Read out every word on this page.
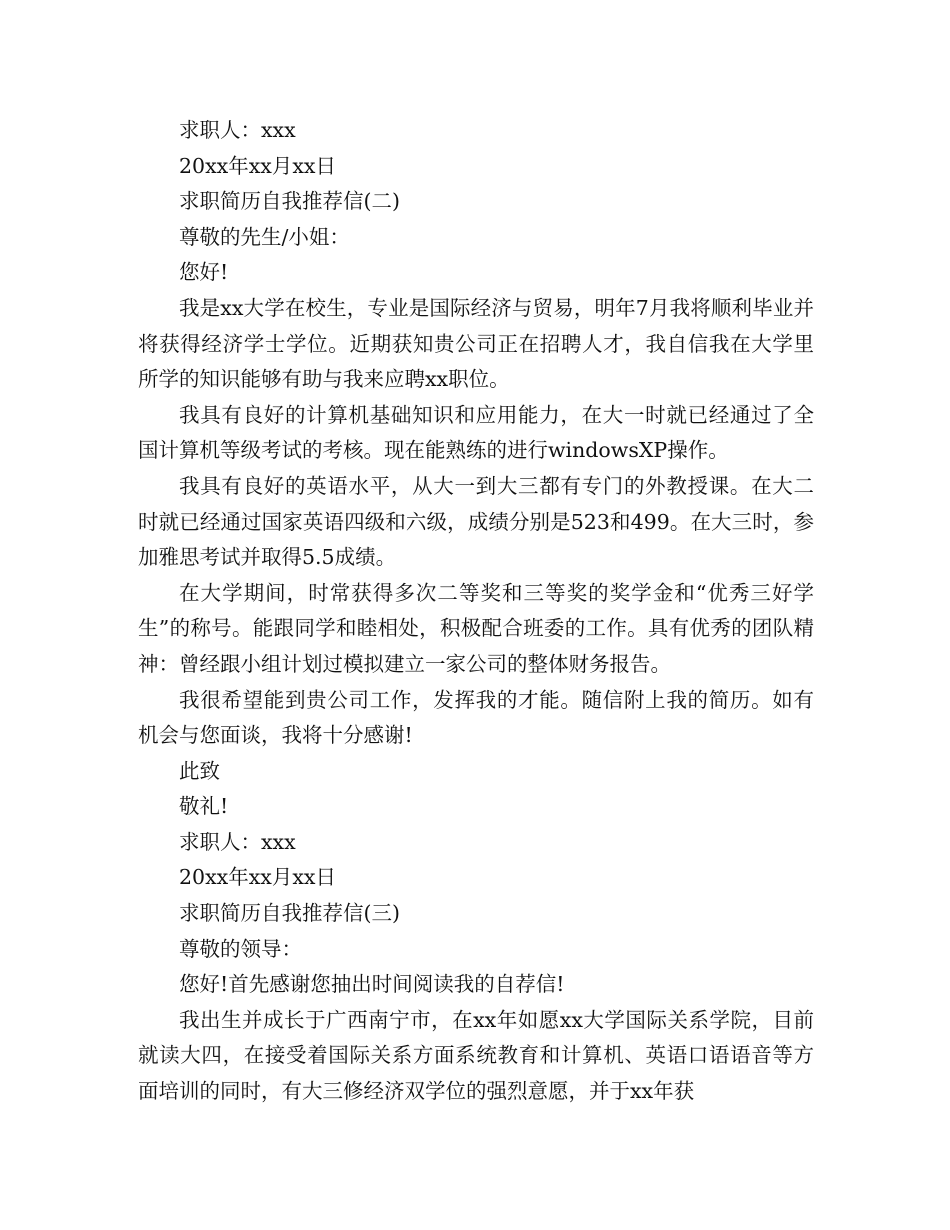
求职人：xxx

20xx年xx月xx日

求职简历自我推荐信(二)

尊敬的先生/小姐：

您好!

我是xx大学在校生，专业是国际经济与贸易，明年7月我将顺利毕业并将获得经济学士学位。近期获知贵公司正在招聘人才，我自信我在大学里所学的知识能够有助与我来应聘xx职位。

我具有良好的计算机基础知识和应用能力，在大一时就已经通过了全国计算机等级考试的考核。现在能熟练的进行windowsXP操作。

我具有良好的英语水平，从大一到大三都有专门的外教授课。在大二时就已经通过国家英语四级和六级，成绩分别是523和499。在大三时，参加雅思考试并取得5.5成绩。

在大学期间，时常获得多次二等奖和三等奖的奖学金和“优秀三好学生”的称号。能跟同学和睦相处，积极配合班委的工作。具有优秀的团队精神：曾经跟小组计划过模拟建立一家公司的整体财务报告。

我很希望能到贵公司工作，发挥我的才能。随信附上我的简历。如有机会与您面谈，我将十分感谢!

此致

敬礼!

求职人：xxx

20xx年xx月xx日

求职简历自我推荐信(三)

尊敬的领导：

您好!首先感谢您抽出时间阅读我的自荐信!

我出生并成长于广西南宁市，在xx年如愿xx大学国际关系学院，目前就读大四，在接受着国际关系方面系统教育和计算机、英语口语语音等方面培训的同时，有大三修经济双学位的强烈意愿，并于xx年获
